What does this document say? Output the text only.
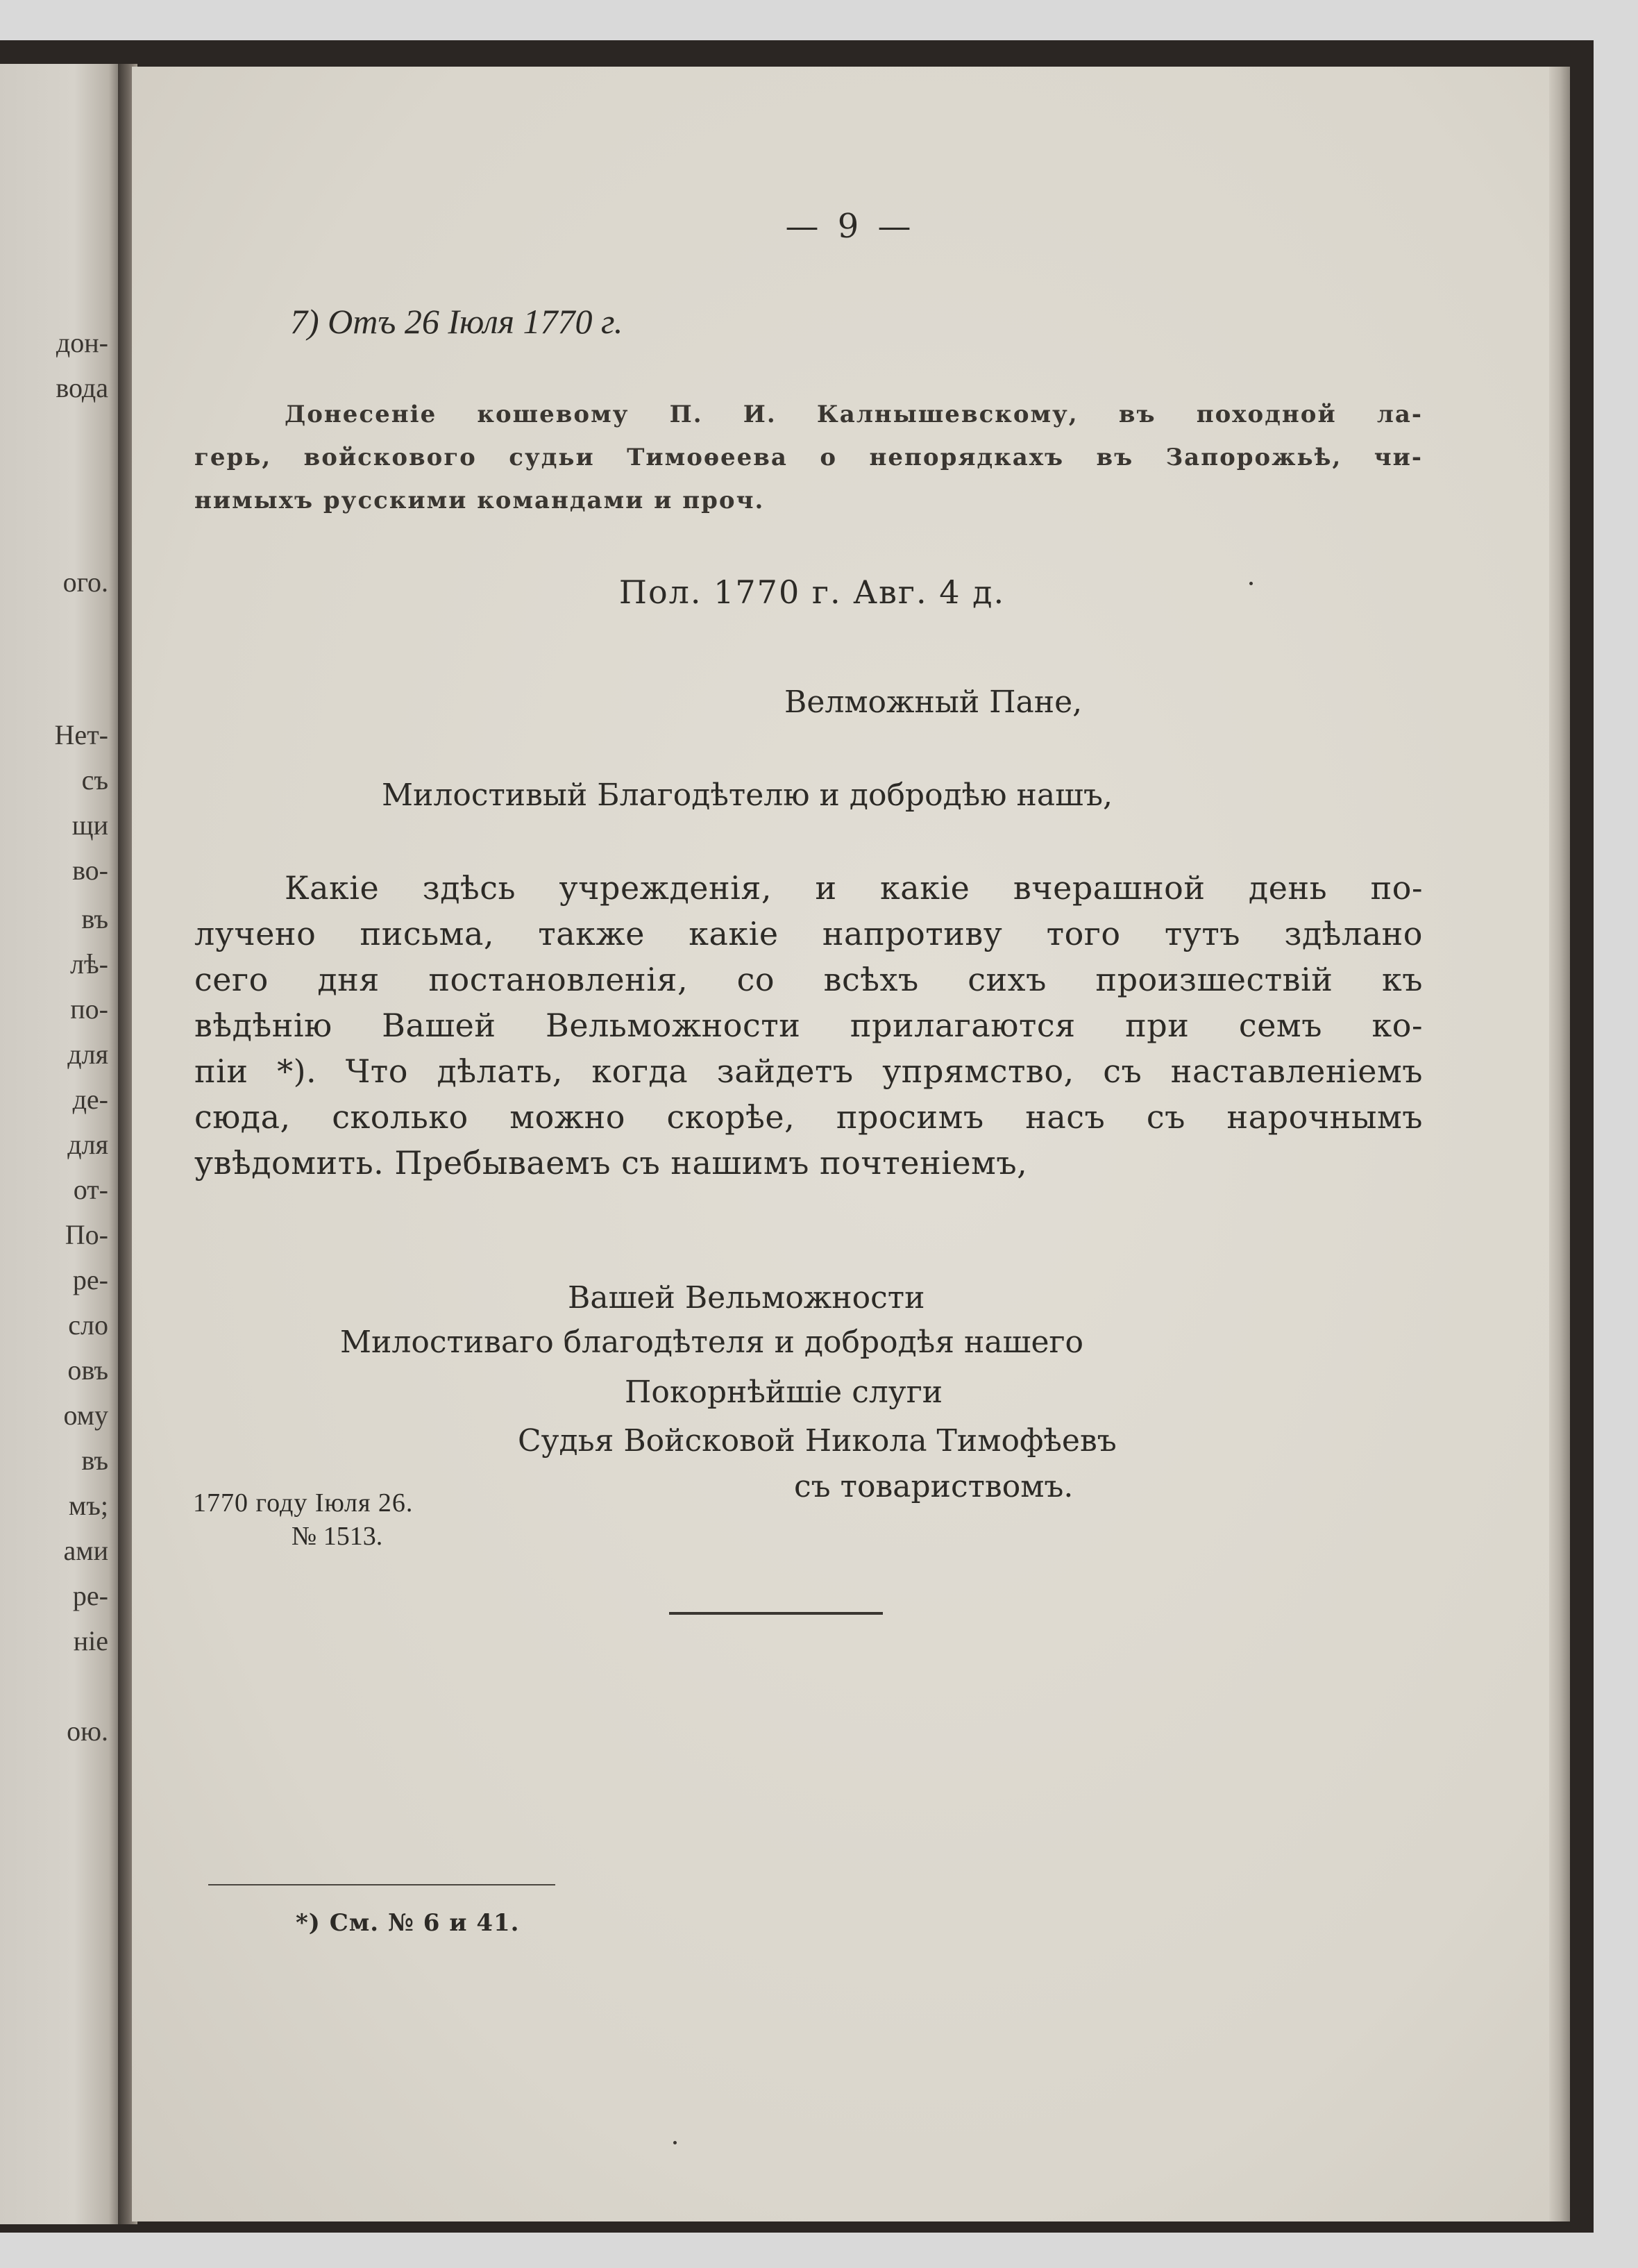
дон-
вода
ого.
Нет-
съ
щи
во-
въ
лѣ-
по-
для
де-
для
от-
По-
ре-
сло
овъ
ому
въ
мъ;
ами
ре-
ніе
ою.
— 9 —
7) Отъ 26 Іюля 1770 г.
Донесеніе кошевому П. И. Калнышевскому, въ походной ла-
герь, войскового судьи Тимоѳеева о непорядкахъ въ Запорожьѣ, чи-
нимыхъ русскими командами и проч.
Пол. 1770 г. Авг. 4 д.
Велможный Пане,
Милостивый Благодѣтелю и добродѣю нашъ,
Какіе здѣсь учрежденія, и какіе вчерашной день по-
лучено письма, также какіе напротиву того тутъ здѣлано
сего дня постановленія, со всѣхъ сихъ произшествій къ
вѣдѣнію Вашей Вельможности прилагаются при семъ ко-
піи *). Что дѣлать, когда зайдетъ упрямство, съ наставленіемъ
сюда, сколько можно скорѣе, просимъ насъ съ нарочнымъ
увѣдомить. Пребываемъ съ нашимъ почтеніемъ,
Вашей Вельможности
Милостиваго благодѣтеля и добродѣя нашего
Покорнѣйшіе слуги
Судья Войсковой Никола Тимофѣевъ
съ товариствомъ.
1770 году Іюля 26.
№ 1513.
*) См. № 6 и 41.
